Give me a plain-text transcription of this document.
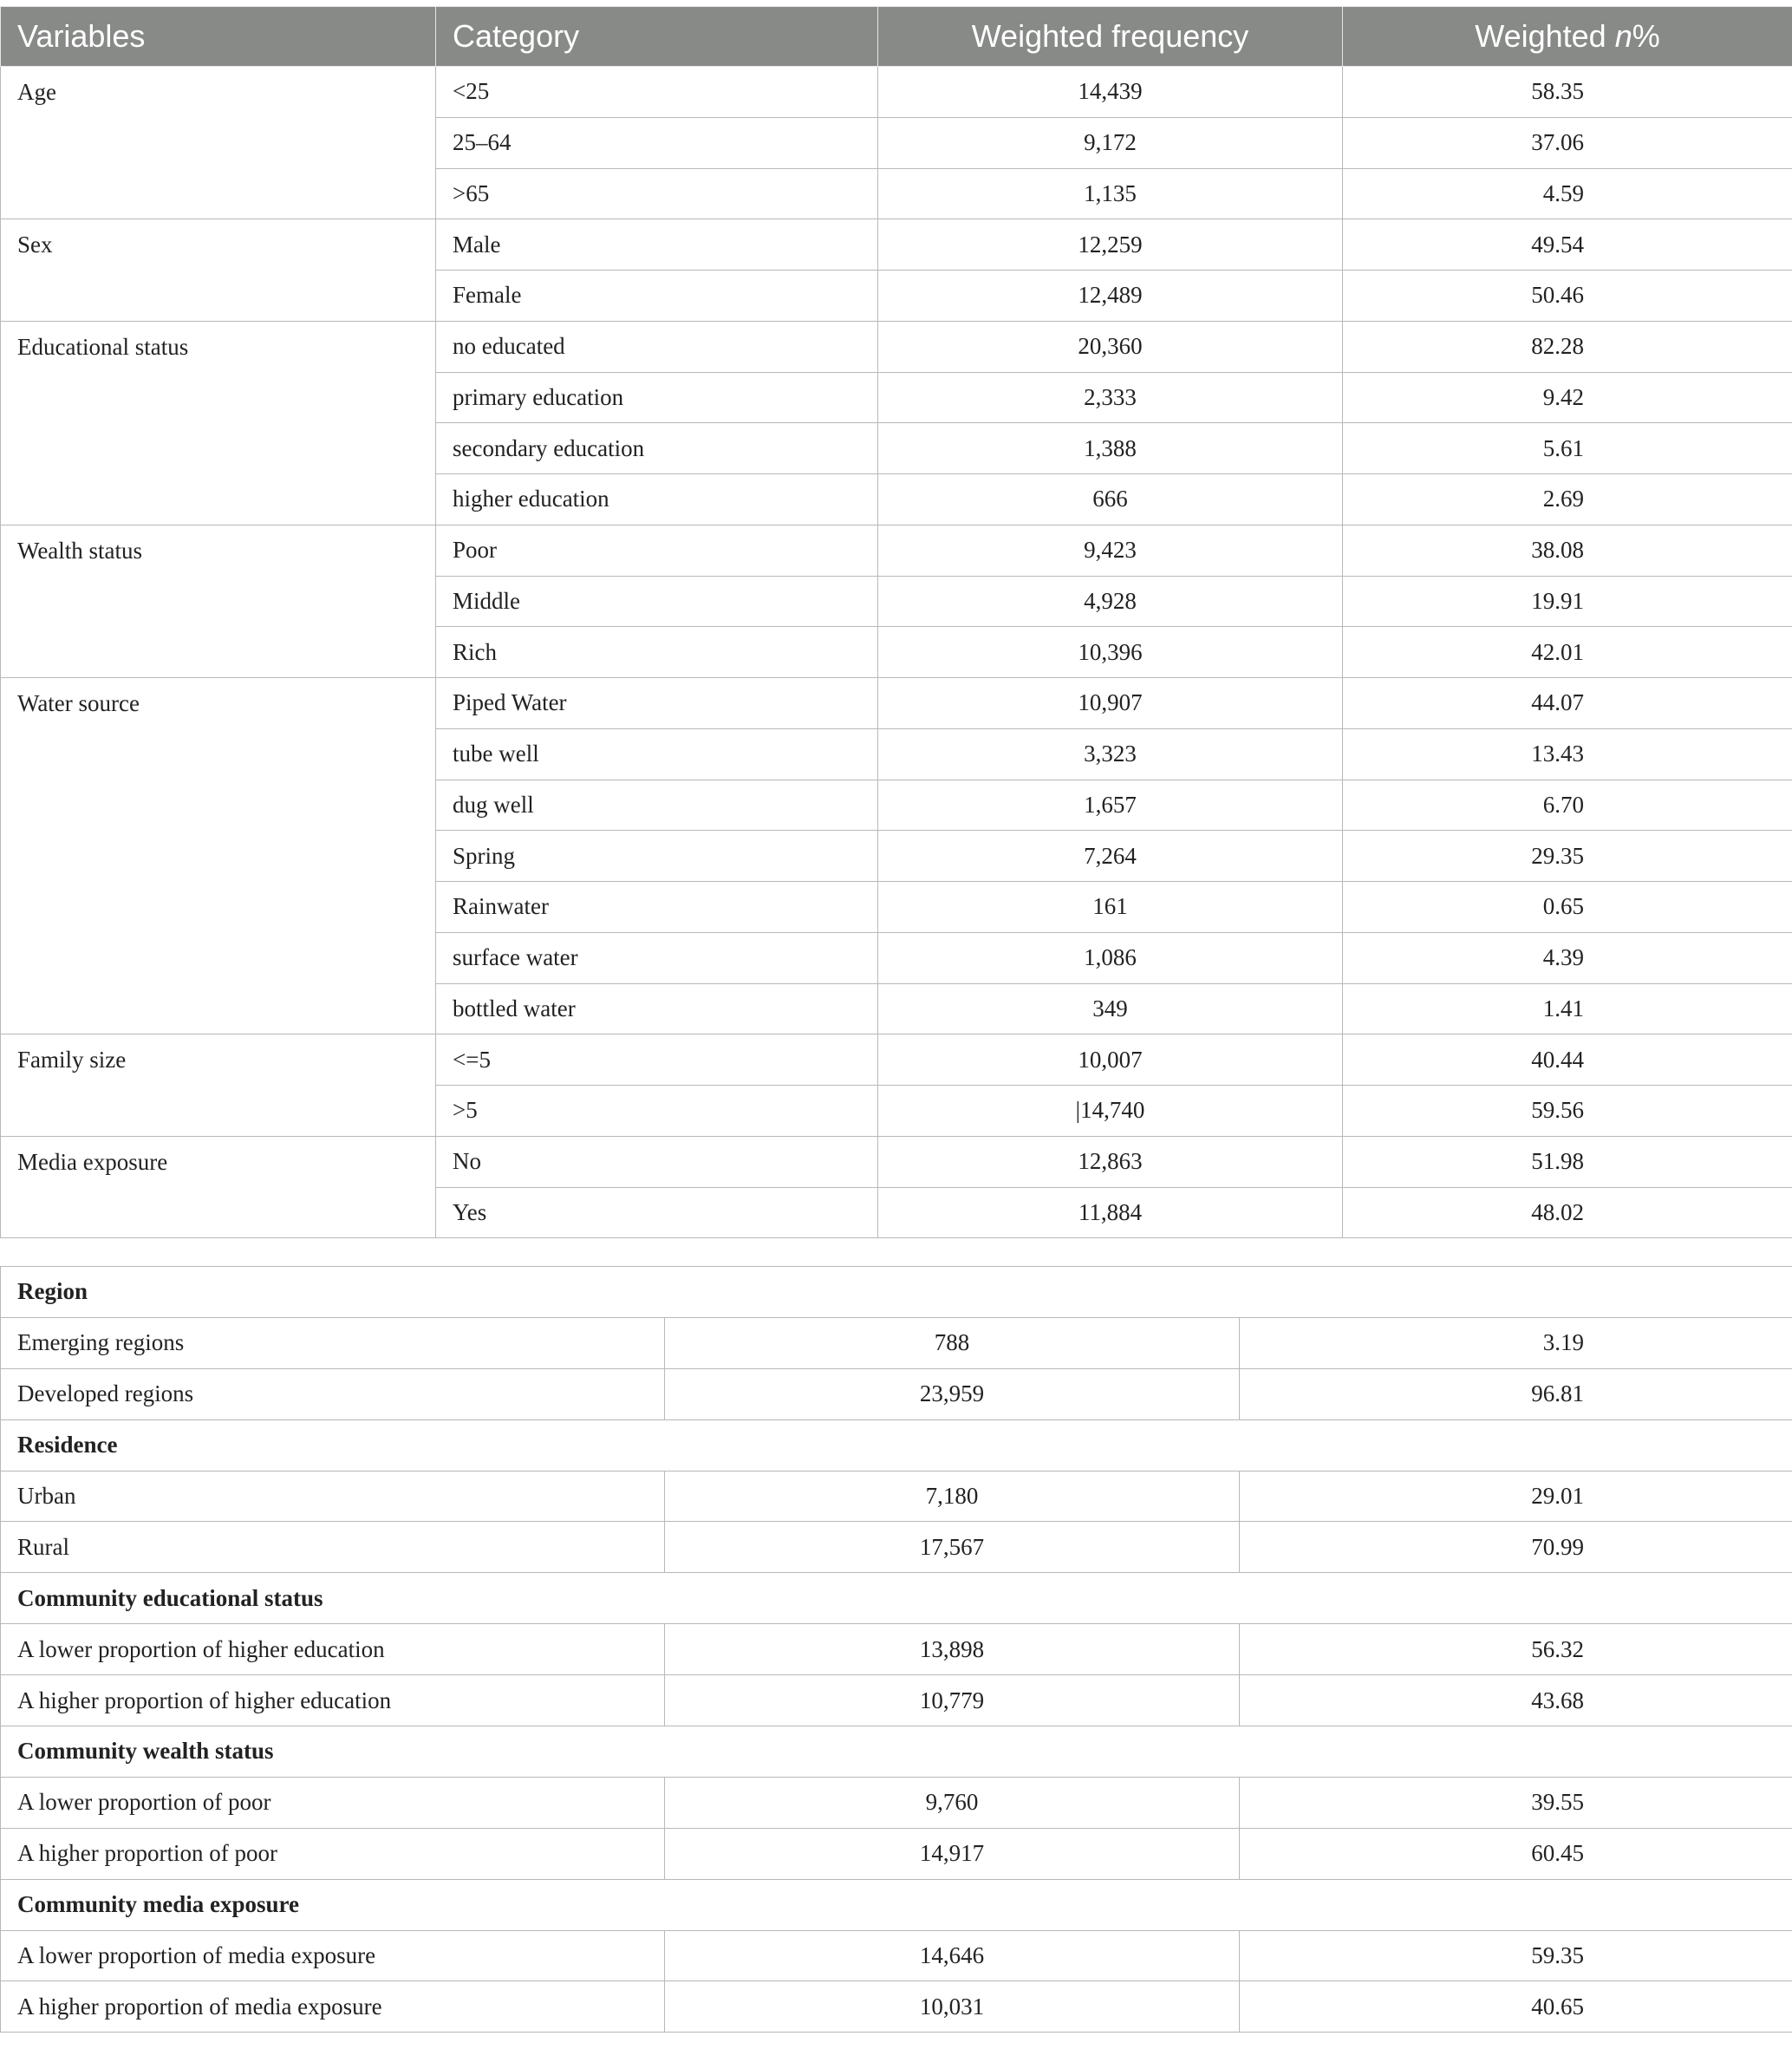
Variables	Category	Weighted frequency	Weighted n%
Age	<25	14,439	58.35
	25–64	9,172	37.06
	>65	1,135	4.59
Sex	Male	12,259	49.54
	Female	12,489	50.46
Educational status	no educated	20,360	82.28
	primary education	2,333	9.42
	secondary education	1,388	5.61
	higher education	666	2.69
Wealth status	Poor	9,423	38.08
	Middle	4,928	19.91
	Rich	10,396	42.01
Water source	Piped Water	10,907	44.07
	tube well	3,323	13.43
	dug well	1,657	6.70
	Spring	7,264	29.35
	Rainwater	161	0.65
	surface water	1,086	4.39
	bottled water	349	1.41
Family size	<=5	10,007	40.44
	>5	|14,740	59.56
Media exposure	No	12,863	51.98
	Yes	11,884	48.02
Region		
Emerging regions	788	3.19
Developed regions	23,959	96.81
Residence		
Urban	7,180	29.01
Rural	17,567	70.99
Community educational status		
A lower proportion of higher education	13,898	56.32
A higher proportion of higher education	10,779	43.68
Community wealth status		
A lower proportion of poor	9,760	39.55
A higher proportion of poor	14,917	60.45
Community media exposure		
A lower proportion of media exposure	14,646	59.35
A higher proportion of media exposure	10,031	40.65
